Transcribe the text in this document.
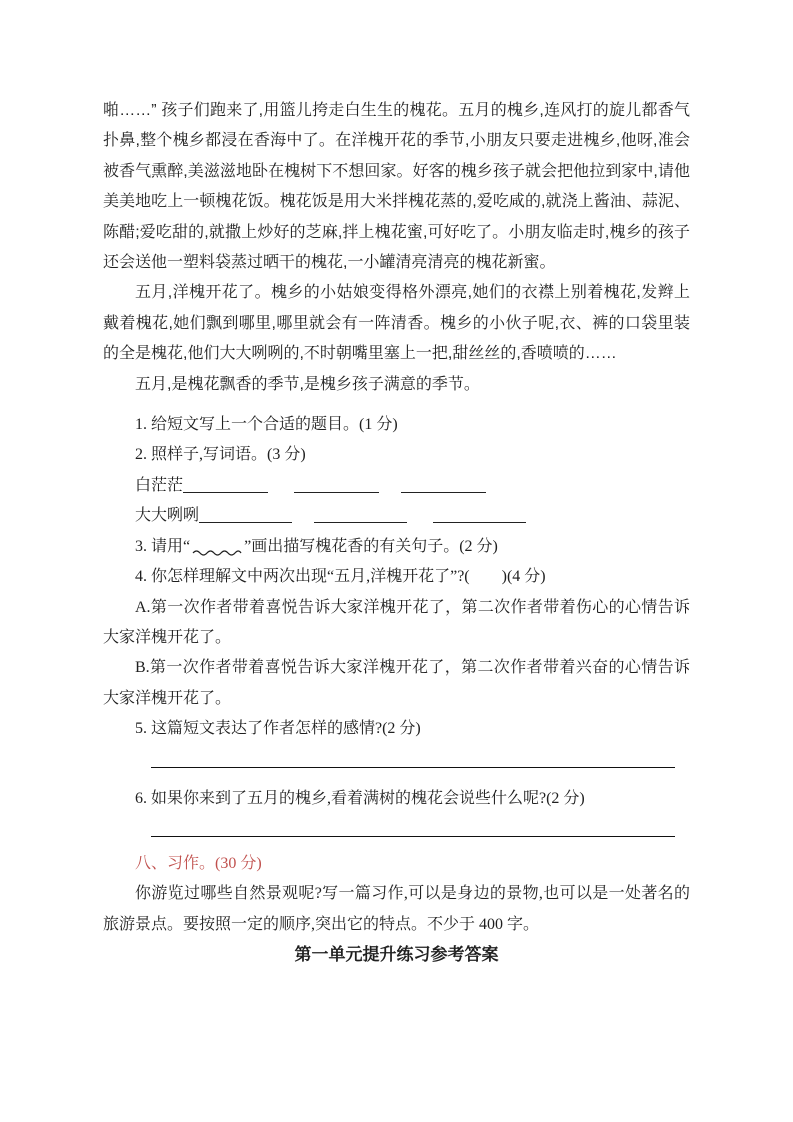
啪……” 孩子们跑来了,用篮儿挎走白生生的槐花。五月的槐乡,连风打的旋儿都香气扑鼻,整个槐乡都浸在香海中了。在洋槐开花的季节,小朋友只要走进槐乡,他呀,准会被香气熏醉,美滋滋地卧在槐树下不想回家。好客的槐乡孩子就会把他拉到家中,请他美美地吃上一顿槐花饭。槐花饭是用大米拌槐花蒸的,爱吃咸的,就浇上酱油、蒜泥、陈醋;爱吃甜的,就撒上炒好的芝麻,拌上槐花蜜,可好吃了。小朋友临走时,槐乡的孩子还会送他一塑料袋蒸过晒干的槐花,一小罐清亮清亮的槐花新蜜。

五月,洋槐开花了。槐乡的小姑娘变得格外漂亮,她们的衣襟上别着槐花,发辫上戴着槐花,她们飘到哪里,哪里就会有一阵清香。槐乡的小伙子呢,衣、裤的口袋里装的全是槐花,他们大大咧咧的,不时朝嘴里塞上一把,甜丝丝的,香喷喷的……

五月,是槐花飘香的季节,是槐乡孩子满意的季节。

1. 给短文写上一个合适的题目。(1 分)

2. 照样子,写词语。(3 分)

白茫茫

大大咧咧

3. 请用“	”画出描写槐花香的有关句子。(2 分)

4. 你怎样理解文中两次出现“五月,洋槐开花了”?(　　)(4 分)

A.第一次作者带着喜悦告诉大家洋槐开花了，第二次作者带着伤心的心情告诉大家洋槐开花了。

B.第一次作者带着喜悦告诉大家洋槐开花了，第二次作者带着兴奋的心情告诉大家洋槐开花了。

5. 这篇短文表达了作者怎样的感情?(2 分)

6. 如果你来到了五月的槐乡,看着满树的槐花会说些什么呢?(2 分)

八、习作。(30 分)

你游览过哪些自然景观呢?写一篇习作,可以是身边的景物,也可以是一处著名的旅游景点。要按照一定的顺序,突出它的特点。不少于 400 字。

第一单元提升练习参考答案
